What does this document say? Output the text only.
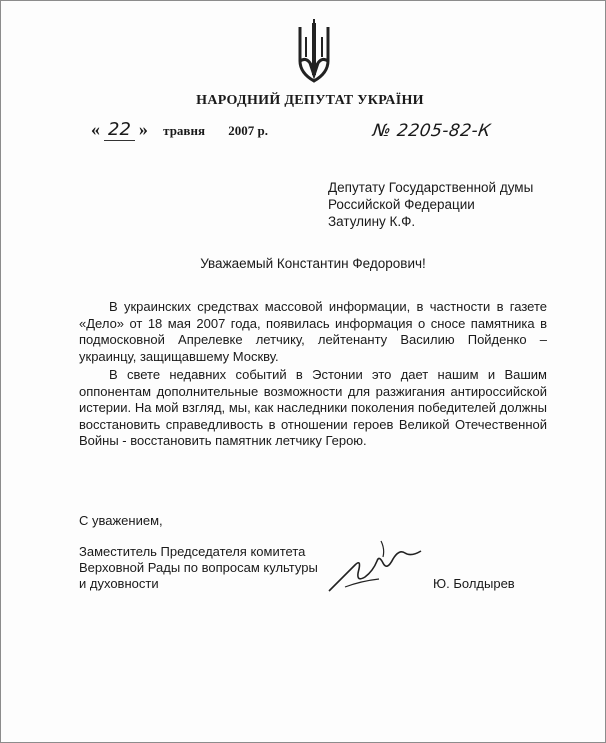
НАРОДНИЙ ДЕПУТАТ УКРАЇНИ
« 22 » травня 2007 р.	№ 2205-82-К
Депутату Государственной думы
Российской Федерации
Затулину К.Ф.
Уважаемый Константин Федорович!

В украинских средствах массовой информации, в частности в газете «Дело» от 18 мая 2007 года, появилась информация о сносе памятника в подмосковной Апрелевке летчику, лейтенанту Василию Пойденко – украинцу, защищавшему Москву.

В свете недавних событий в Эстонии это дает нашим и Вашим оппонентам дополнительные возможности для разжигания антироссийской истерии. На мой взгляд, мы, как наследники поколения победителей должны восстановить справедливость в отношении героев Великой Отечественной Войны - восстановить памятник летчику Герою.

С уважением,
Заместитель Председателя комитета
Верховной Рады по вопросам культуры
и духовности	Ю. Болдырев
